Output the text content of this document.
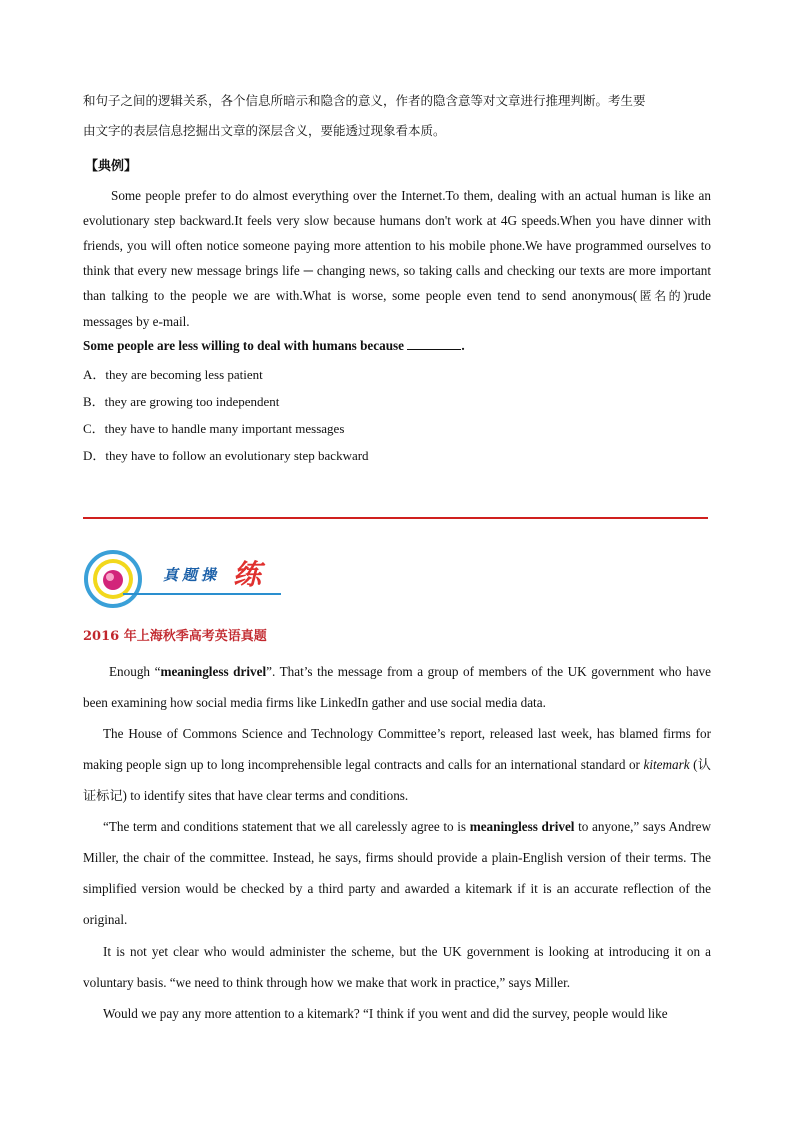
和句子之间的逻辑关系，各个信息所暗示和隐含的意义，作者的隐含意等对文章进行推理判断。考生要
由文字的表层信息挖掘出文章的深层含义，要能透过现象看本质。
【典例】
Some people prefer to do almost everything over the Internet.To them, dealing with an actual human is like an evolutionary step backward.It feels very slow because humans don't work at 4G speeds.When you have dinner with friends, you will often notice someone paying more attention to his mobile phone.We have programmed ourselves to think that every new message brings life ─ changing news, so taking calls and checking our texts are more important than talking to the people we are with.What is worse, some people even tend to send anonymous(匿名的)rude messages by e-mail.
Some people are less willing to deal with humans because	.
A．they are becoming less patient
B．they are growing too independent
C．they have to handle many important messages
D．they have to follow an evolutionary step backward
真题操 练
2016 年上海秋季高考英语真题
Enough “meaningless drivel”. That’s the message from a group of members of the UK government who have been examining how social media firms like LinkedIn gather and use social media data.
The House of Commons Science and Technology Committee’s report, released last week, has blamed firms for making people sign up to long incomprehensible legal contracts and calls for an international standard or kitemark (认证标记) to identify sites that have clear terms and conditions.
“The term and conditions statement that we all carelessly agree to is meaningless drivel to anyone,” says Andrew Miller, the chair of the committee. Instead, he says, firms should provide a plain-English version of their terms. The simplified version would be checked by a third party and awarded a kitemark if it is an accurate reflection of the original.
It is not yet clear who would administer the scheme, but the UK government is looking at introducing it on a voluntary basis. “we need to think through how we make that work in practice,” says Miller.
Would we pay any more attention to a kitemark? “I think if you went and did the survey, people would like
